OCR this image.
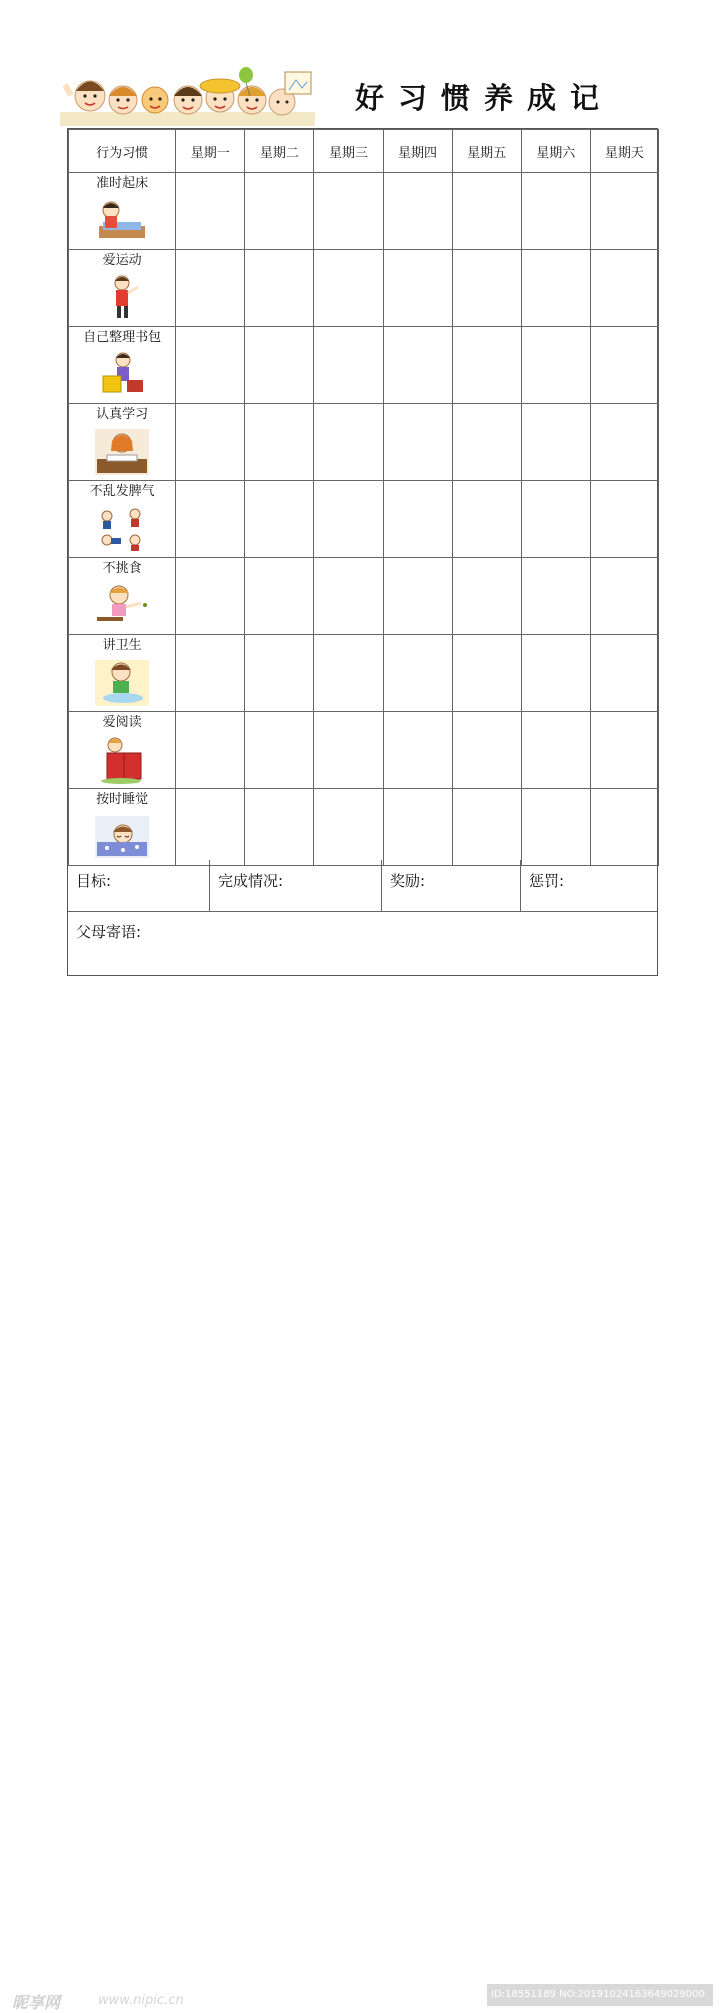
好习惯养成记
行为习惯	星期一	星期二	星期三	星期四	星期五	星期六	星期天

准时起床							

爱运动							

自己整理书包							

认真学习							

不乱发脾气							

不挑食							

讲卫生							

爱阅读							

按时睡觉							

目标:	完成情况:	奖励:	惩罚:
父母寄语:
昵享网	www.nipic.cn	ID:18551189 NO:20191024163649029000
